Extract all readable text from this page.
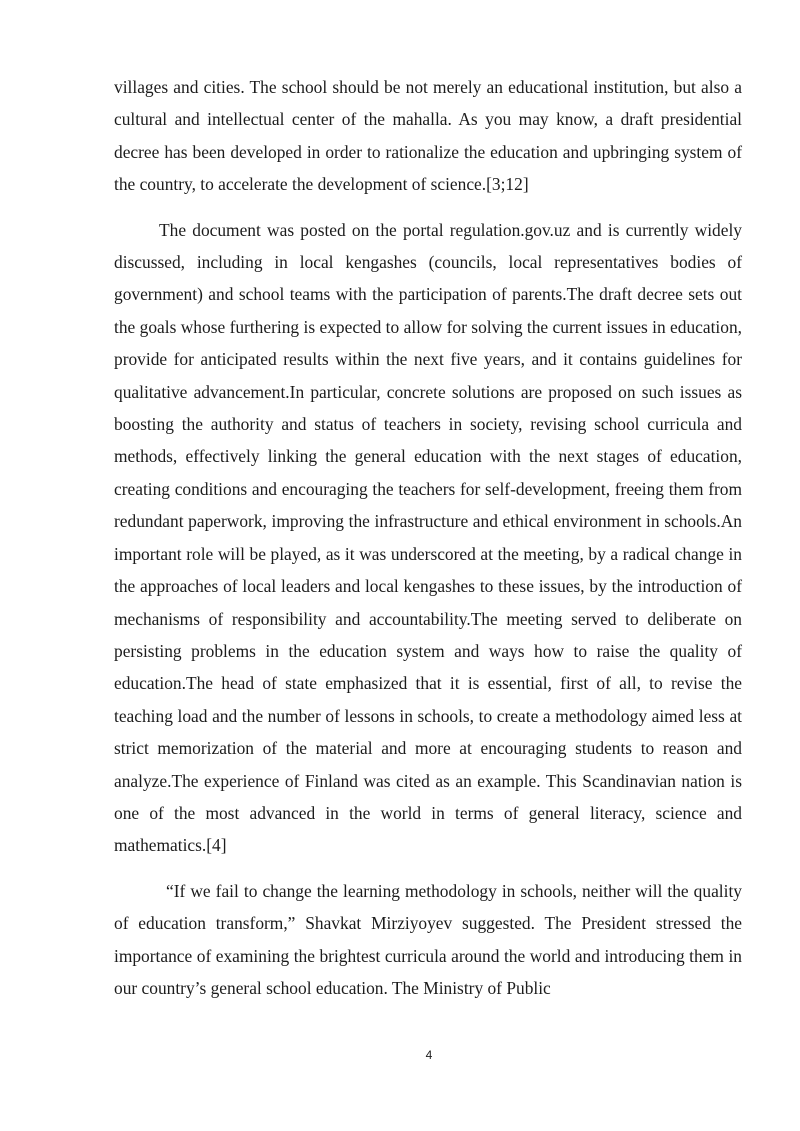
villages and cities. The school should be not merely an educational institution, but also a cultural and intellectual center of the mahalla. As you may know, a draft presidential decree has been developed in order to rationalize the education and upbringing system of the country, to accelerate the development of science.[3;12]

The document was posted on the portal regulation.gov.uz and is currently widely discussed, including in local kengashes (councils, local representatives bodies of government) and school teams with the participation of parents.The draft decree sets out the goals whose furthering is expected to allow for solving the current issues in education, provide for anticipated results within the next five years, and it contains guidelines for qualitative advancement.In particular, concrete solutions are proposed on such issues as boosting the authority and status of teachers in society, revising school curricula and methods, effectively linking the general education with the next stages of education, creating conditions and encouraging the teachers for self-development, freeing them from redundant paperwork, improving the infrastructure and ethical environment in schools.An important role will be played, as it was underscored at the meeting, by a radical change in the approaches of local leaders and local kengashes to these issues, by the introduction of mechanisms of responsibility and accountability.The meeting served to deliberate on persisting problems in the education system and ways how to raise the quality of education.The head of state emphasized that it is essential, first of all, to revise the teaching load and the number of lessons in schools, to create a methodology aimed less at strict memorization of the material and more at encouraging students to reason and analyze.The experience of Finland was cited as an example. This Scandinavian nation is one of the most advanced in the world in terms of general literacy, science and mathematics.[4]

“If we fail to change the learning methodology in schools, neither will the quality of education transform,” Shavkat Mirziyoyev suggested. The President stressed the importance of examining the brightest curricula around the world and introducing them in our country’s general school education. The Ministry of Public

4
